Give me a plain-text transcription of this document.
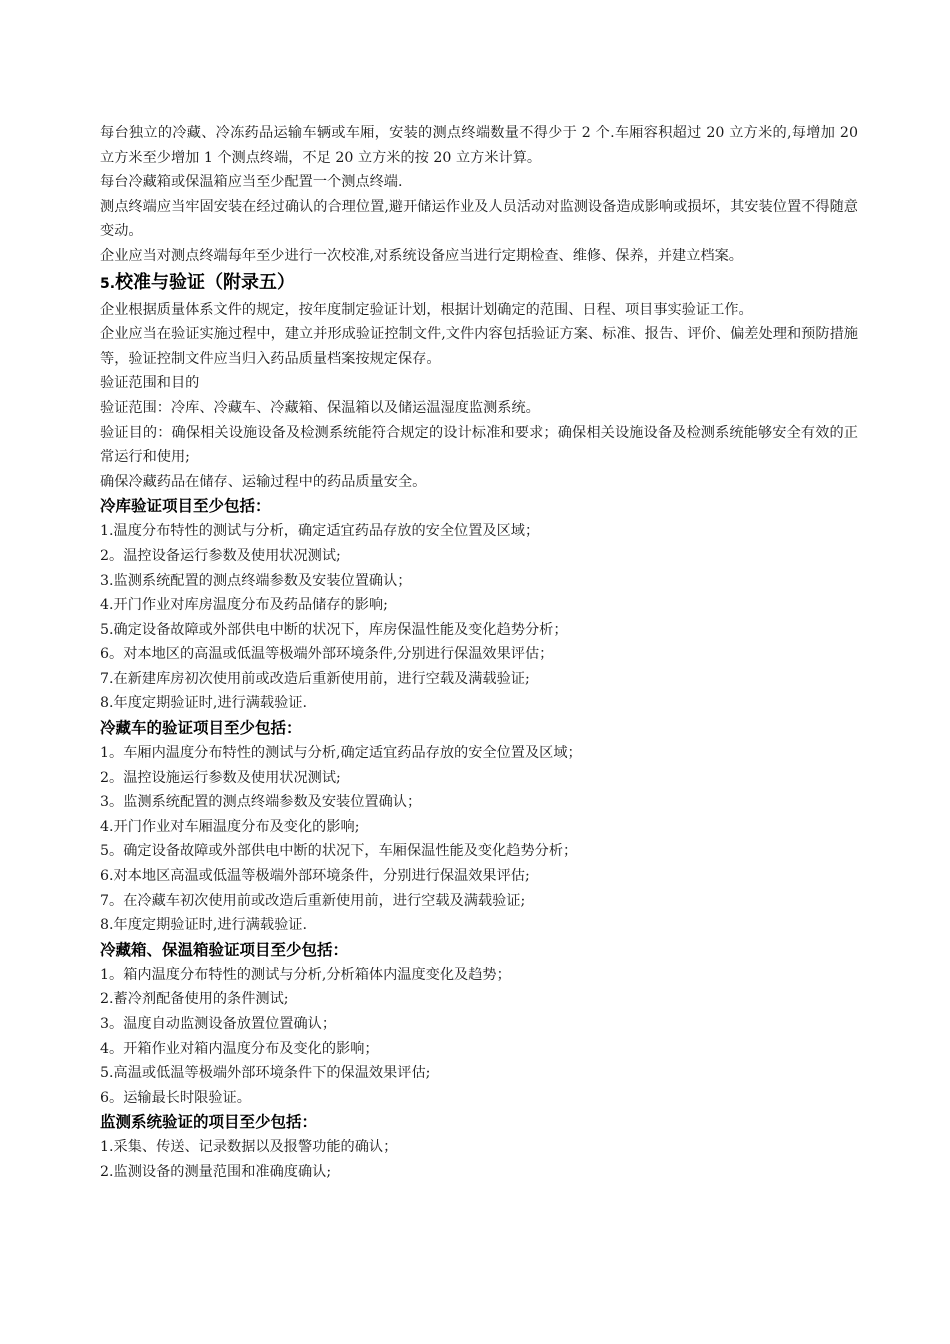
每台独立的冷藏、冷冻药品运输车辆或车厢，安装的测点终端数量不得少于 2 个.车厢容积超过 20 立方米的,每增加 20 立方米至少增加 1 个测点终端，不足 20 立方米的按 20 立方米计算。

每台冷藏箱或保温箱应当至少配置一个测点终端.

测点终端应当牢固安装在经过确认的合理位置,避开储运作业及人员活动对监测设备造成影响或损坏，其安装位置不得随意变动。

企业应当对测点终端每年至少进行一次校准,对系统设备应当进行定期检查、维修、保养，并建立档案。

5.校准与验证（附录五）

企业根据质量体系文件的规定，按年度制定验证计划，根据计划确定的范围、日程、项目事实验证工作。

企业应当在验证实施过程中，建立并形成验证控制文件,文件内容包括验证方案、标准、报告、评价、偏差处理和预防措施等，验证控制文件应当归入药品质量档案按规定保存。

验证范围和目的

验证范围：冷库、冷藏车、冷藏箱、保温箱以及储运温湿度监测系统。

验证目的：确保相关设施设备及检测系统能符合规定的设计标准和要求；确保相关设施设备及检测系统能够安全有效的正常运行和使用;

确保冷藏药品在储存、运输过程中的药品质量安全。

冷库验证项目至少包括：

1.温度分布特性的测试与分析，确定适宜药品存放的安全位置及区域；

2。温控设备运行参数及使用状况测试;

3.监测系统配置的测点终端参数及安装位置确认；

4.开门作业对库房温度分布及药品储存的影响;

5.确定设备故障或外部供电中断的状况下，库房保温性能及变化趋势分析；

6。对本地区的高温或低温等极端外部环境条件,分别进行保温效果评估；

7.在新建库房初次使用前或改造后重新使用前，进行空载及满载验证;

8.年度定期验证时,进行满载验证.

冷藏车的验证项目至少包括：

1。车厢内温度分布特性的测试与分析,确定适宜药品存放的安全位置及区域；

2。温控设施运行参数及使用状况测试;

3。监测系统配置的测点终端参数及安装位置确认；

4.开门作业对车厢温度分布及变化的影响;

5。确定设备故障或外部供电中断的状况下，车厢保温性能及变化趋势分析；

6.对本地区高温或低温等极端外部环境条件，分别进行保温效果评估;

7。在冷藏车初次使用前或改造后重新使用前，进行空载及满载验证;

8.年度定期验证时,进行满载验证.

冷藏箱、保温箱验证项目至少包括：

1。箱内温度分布特性的测试与分析,分析箱体内温度变化及趋势；

2.蓄冷剂配备使用的条件测试;

3。温度自动监测设备放置位置确认；

4。开箱作业对箱内温度分布及变化的影响；

5.高温或低温等极端外部环境条件下的保温效果评估;

6。运输最长时限验证。

监测系统验证的项目至少包括：

1.采集、传送、记录数据以及报警功能的确认；

2.监测设备的测量范围和准确度确认;
